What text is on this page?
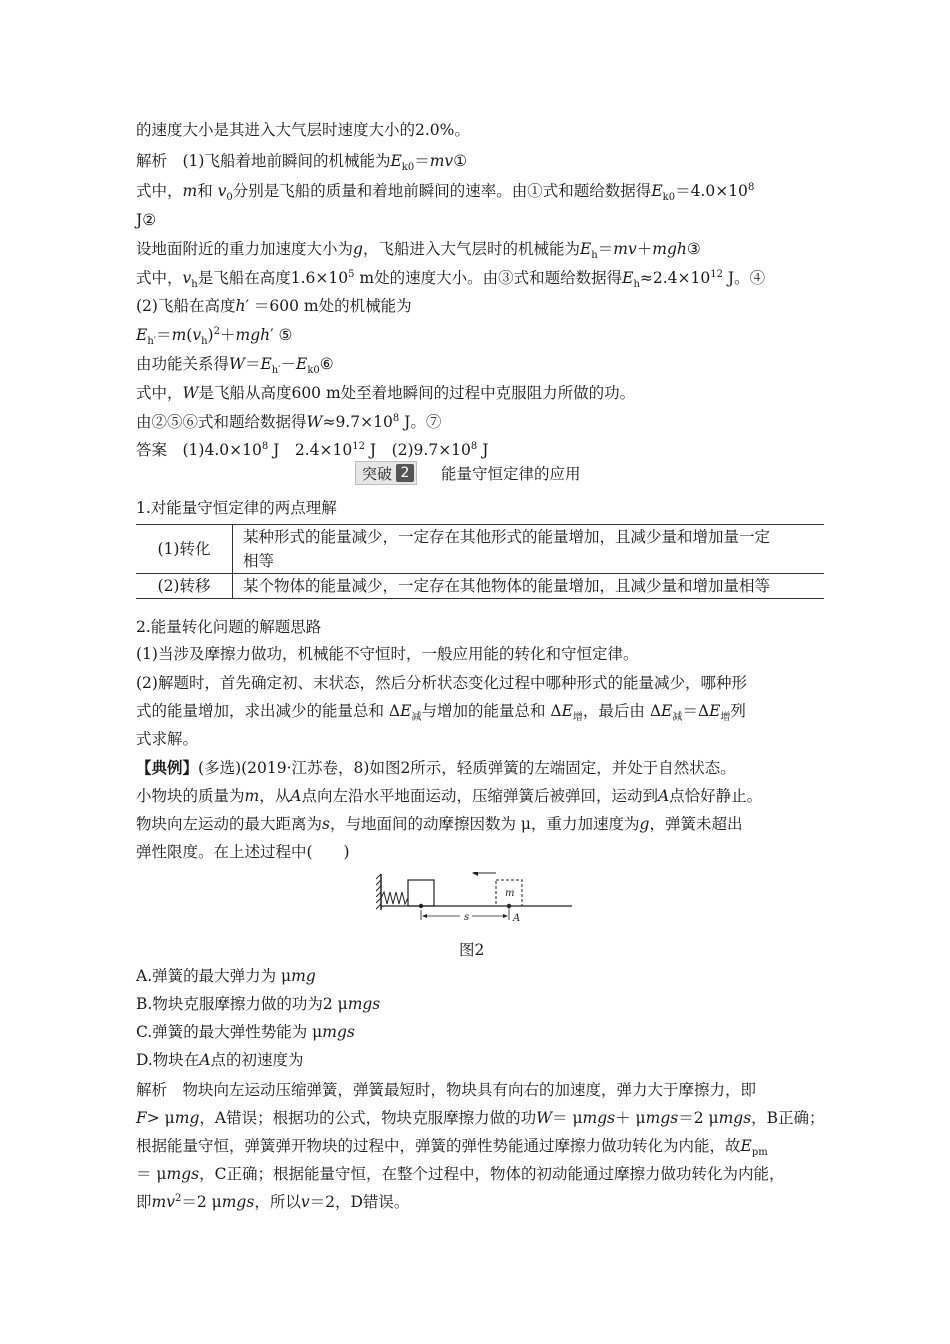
的速度大小是其进入大气层时速度大小的2.0%。
解析　(1)飞船着地前瞬间的机械能为$E_{k0}=mv①$
式中，m和 $v_0$分别是飞船的质量和着地前瞬间的速率。由①式和题给数据得$E_{k0}=4.0\times 10^8$
J②
设地面附近的重力加速度大小为g，飞船进入大气层时的机械能为$E_h=mv+mgh③$
式中，$v_h$是飞船在高度$1.6\times 10^5$ m处的速度大小。由③式和题给数据得$E_h\approx 2.4\times 10^{12}$ J。④
(2)飞船在高度h′ ＝600 m处的机械能为
$E_{h'}=m(v_h)^2+mgh'$ ⑤
由功能关系得$W=E_{h'}-E_{k0}⑥$
式中，W是飞船从高度600 m处至着地瞬间的过程中克服阻力所做的功。
由②⑤⑥式和题给数据得$W\approx 9.7\times 10^8$ J。⑦
答案　$(1)4.0\times 10^8$ J　$2.4\times 10^{12}$ J　$(2)9.7\times 10^8$ J
突破 2 能量守恒定律的应用
1.对能量守恒定律的两点理解
(1)转化	某种形式的能量减少，一定存在其他形式的能量增加，且减少量和增加量一定
相等

(2)转移	某个物体的能量减少，一定存在其他物体的能量增加，且减少量和增加量相等
2.能量转化问题的解题思路
(1)当涉及摩擦力做功，机械能不守恒时，一般应用能的转化和守恒定律。
(2)解题时，首先确定初、末状态，然后分析状态变化过程中哪种形式的能量减少，哪种形
式的能量增加，求出减少的能量总和 $\Delta E_减$与增加的能量总和 $\Delta E_增$，最后由 $\Delta E_减=\Delta E_增$列
式求解。
【典例】(多选)(2019·江苏卷，8)如图2所示，轻质弹簧的左端固定，并处于自然状态。
小物块的质量为m，从A点向左沿水平地面运动，压缩弹簧后被弹回，运动到A点恰好静止。
物块向左运动的最大距离为s，与地面间的动摩擦因数为 μ，重力加速度为g，弹簧未超出
弹性限度。在上述过程中(　　)
m
s	A
图2
A.弹簧的最大弹力为 μmg
B.物块克服摩擦力做的功为2 μmgs
C.弹簧的最大弹性势能为 μmgs
D.物块在A点的初速度为
解析　物块向左运动压缩弹簧，弹簧最短时，物块具有向右的加速度，弹力大于摩擦力，即
F> μmg，A错误；根据功的公式，物块克服摩擦力做的功W＝ μmgs＋ μmgs＝2 μmgs，B正确；
根据能量守恒，弹簧弹开物块的过程中，弹簧的弹性势能通过摩擦力做功转化为内能，故$E_{pm}$
＝ μmgs，C正确；根据能量守恒，在整个过程中，物体的初动能通过摩擦力做功转化为内能，
即$mv^2=2$ μmgs，所以v＝2，D错误。
